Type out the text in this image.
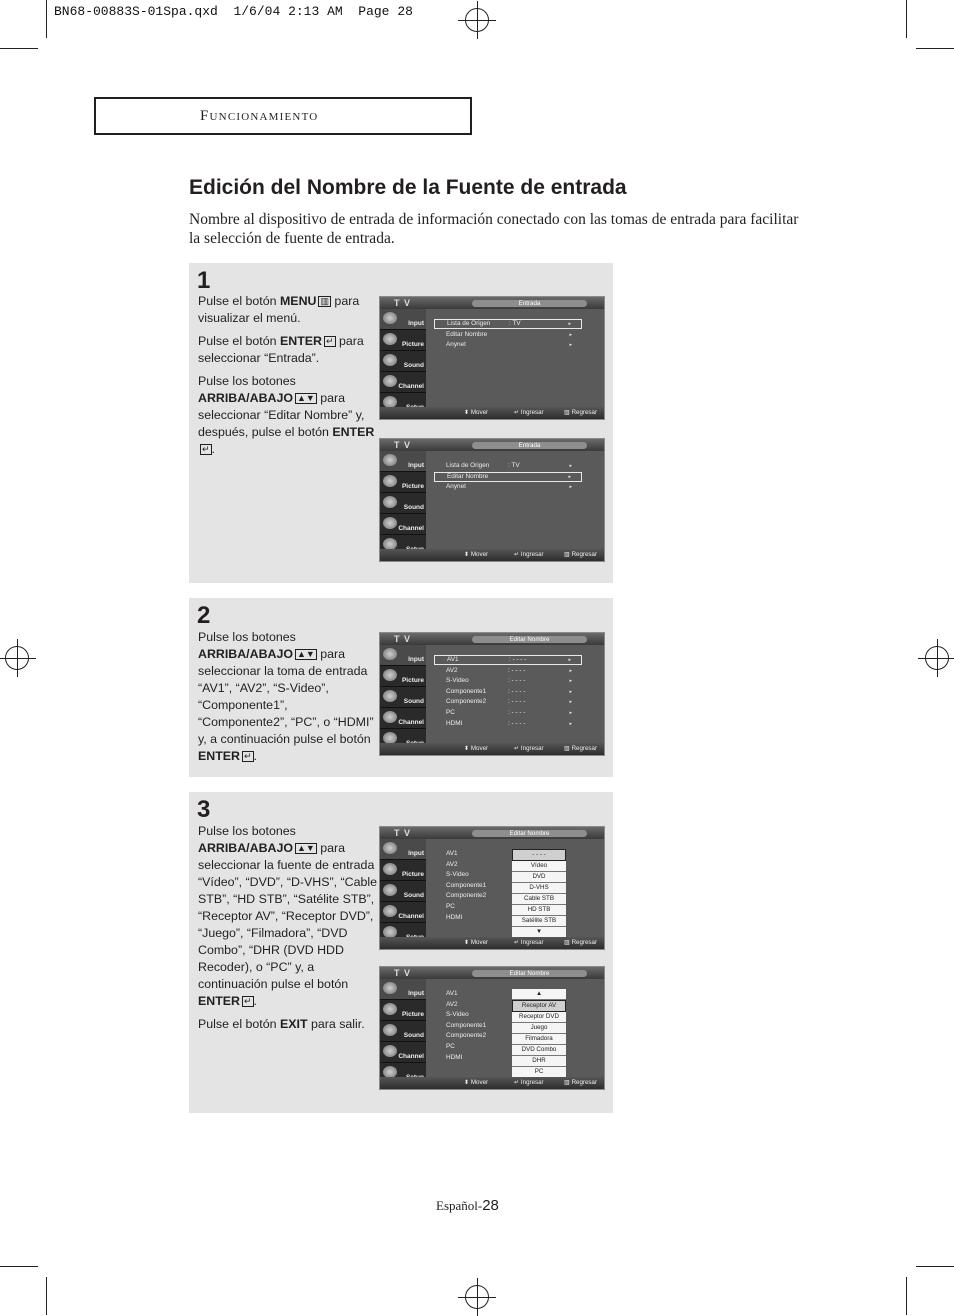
BN68-00883S-01Spa.qxd 1/6/04 2:13 AM Page 28
Funcionamiento
Edición del Nombre de la Fuente de entrada

Nombre al dispositivo de entrada de información conectado con las tomas de entrada para facilitar la selección de fuente de entrada.

1

Pulse el botón MENU ▥ para visualizar el menú.

Pulse el botón ENTER ↵ para seleccionar “Entrada”.

Pulse los botones ARRIBA/ABAJO ▲▼ para seleccionar “Editar Nombre” y, después, pulse el botón ENTER↵ .

T V	Entrada
Input
Picture
Sound
Channel
Lista de Origen	: TV	▸
Editar Nombre	▸
Anynet	▸
⬍ Mover	↵ Ingresar	▥ Regresar
T V	Entrada
Input
Picture
Sound
Channel
Lista de Origen	: TV	▸
Editar Nombre	▸
Anynet	▸
⬍ Mover	↵ Ingresar	▥ Regresar
2

Pulse los botones ARRIBA/ABAJO ▲▼ para seleccionar la toma de entrada “AV1”, “AV2”, “S-Video”, “Componente1”, “Componente2”, “PC”, o “HDMI” y, a continuación pulse el botón ENTER ↵ .

T V	Editar Nombre
Input
Picture
Sound
Channel
AV1	: - - - -	▸
AV2	: - - - -	▸
S-Video	: - - - -	▸
Componente1	: - - - -	▸
Componente2	: - - - -	▸
PC	: - - - -	▸
HDMI	: - - - -	▸
⬍ Mover	↵ Ingresar	▥ Regresar
3

Pulse los botones ARRIBA/ABAJO ▲▼ para seleccionar la fuente de entrada “Vídeo”, “DVD”, “D-VHS”, “Cable STB”, “HD STB”, “Satélite STB”, “Receptor AV”, “Receptor DVD”, “Juego”, “Filmadora”, “DVD Combo”, “DHR (DVD HDD Recoder), o “PC” y, a continuación pulse el botón ENTER ↵ .

Pulse el botón EXIT para salir.

T V	Editar Nombre
Input
Picture
Sound
Channel
AV1
AV2
S-Video
Componente1
Componente2
PC
HDMI
- - - -
Vídeo
DVD
D-VHS
Cable STB
HD STB
Satélite STB
▼
⬍ Mover	↵ Ingresar	▥ Regresar
T V	Editar Nombre
Input
Picture
Sound
Channel
AV1
AV2
S-Video
Componente1
Componente2
PC
HDMI
▲
Receptor AV
Receptor DVD
Juego
Filmadora
DVD Combo
DHR
PC
⬍ Mover	↵ Ingresar	▥ Regresar
Español-28
